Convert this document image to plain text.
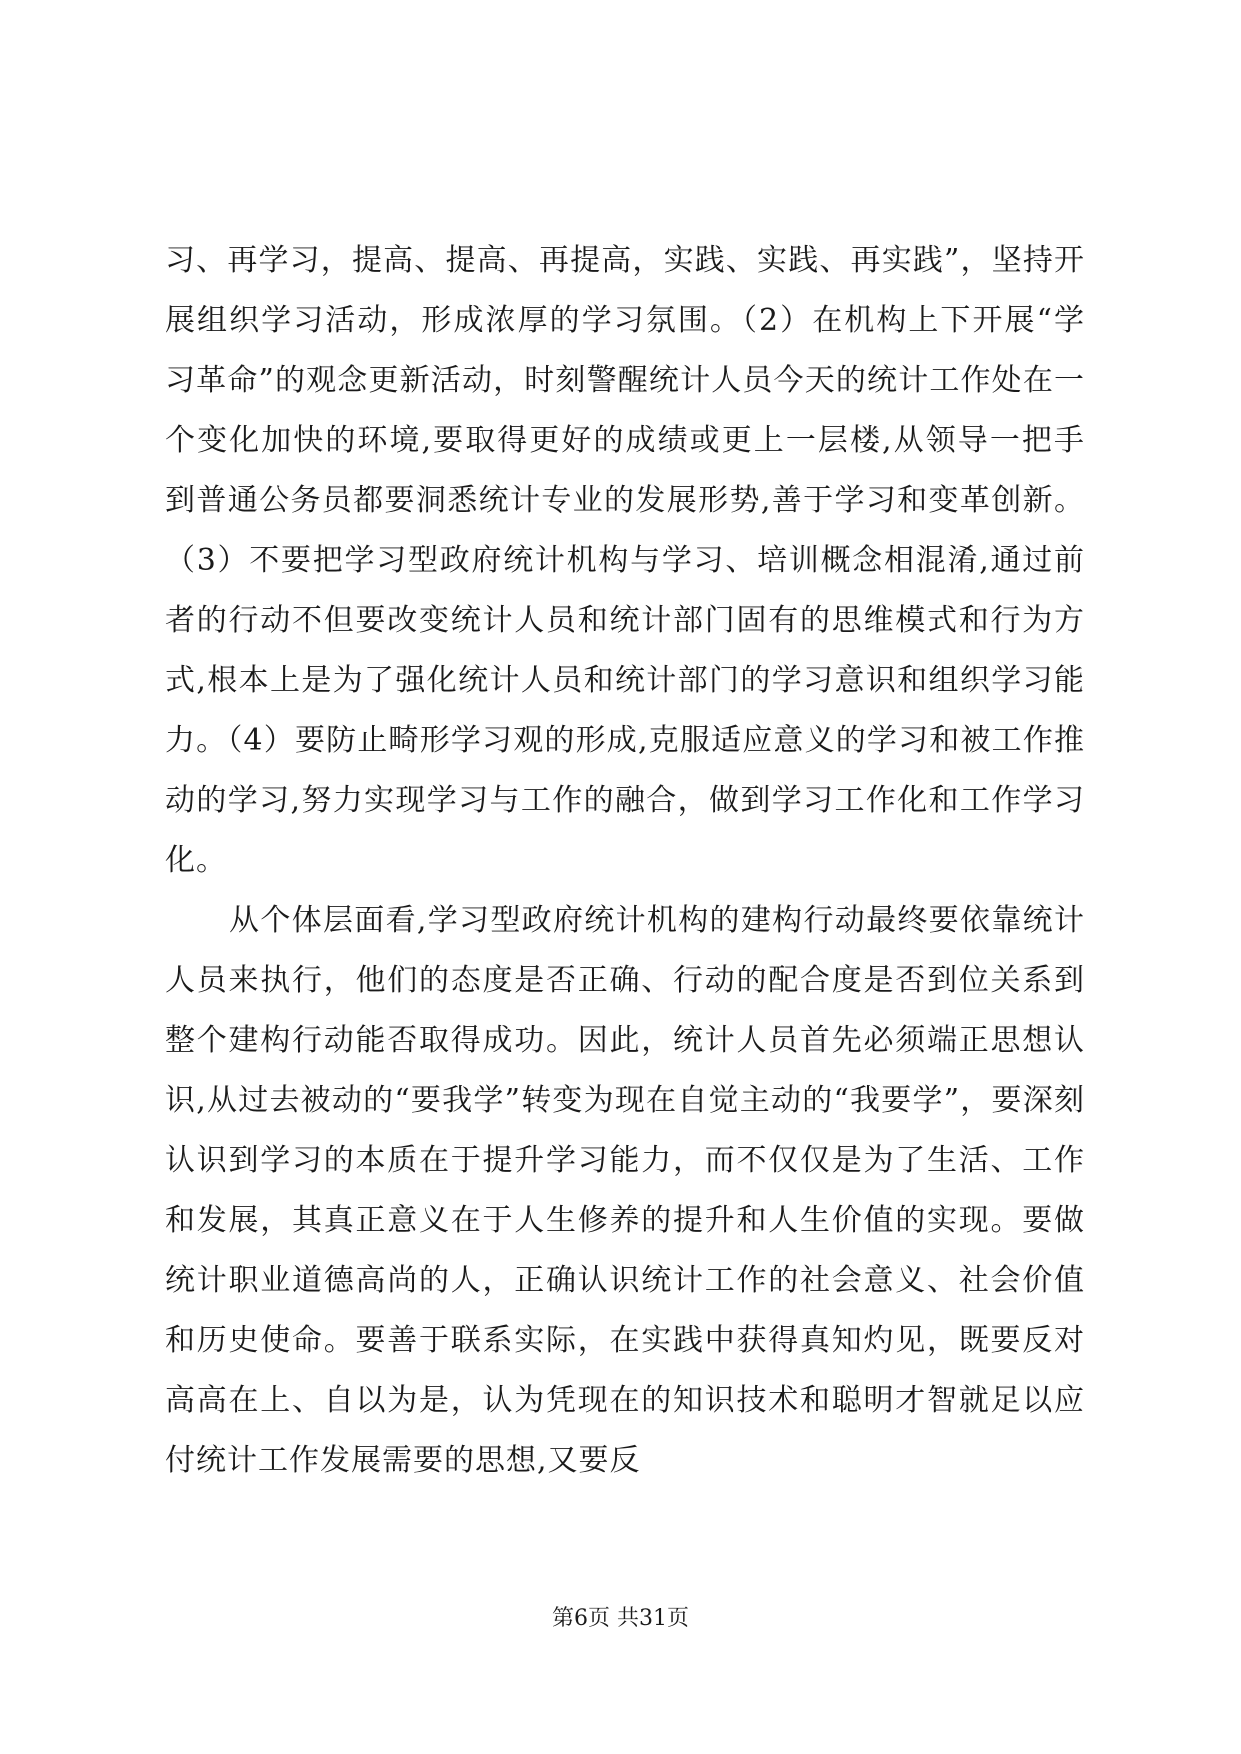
习、再学习，提高、提高、再提高，实践、实践、再实践”，坚持开展组织学习活动，形成浓厚的学习氛围。（2）在机构上下开展“学习革命”的观念更新活动，时刻警醒统计人员今天的统计工作处在一个变化加快的环境,要取得更好的成绩或更上一层楼,从领导一把手到普通公务员都要洞悉统计专业的发展形势,善于学习和变革创新。（3）不要把学习型政府统计机构与学习、培训概念相混淆,通过前者的行动不但要改变统计人员和统计部门固有的思维模式和行为方式,根本上是为了强化统计人员和统计部门的学习意识和组织学习能力。（4）要防止畸形学习观的形成,克服适应意义的学习和被工作推动的学习,努力实现学习与工作的融合，做到学习工作化和工作学习化。

从个体层面看,学习型政府统计机构的建构行动最终要依靠统计人员来执行，他们的态度是否正确、行动的配合度是否到位关系到整个建构行动能否取得成功。因此，统计人员首先必须端正思想认识,从过去被动的“要我学”转变为现在自觉主动的“我要学”，要深刻认识到学习的本质在于提升学习能力，而不仅仅是为了生活、工作和发展，其真正意义在于人生修养的提升和人生价值的实现。要做统计职业道德高尚的人，正确认识统计工作的社会意义、社会价值和历史使命。要善于联系实际，在实践中获得真知灼见，既要反对高高在上、自以为是，认为凭现在的知识技术和聪明才智就足以应付统计工作发展需要的思想,又要反

第6页 共31页
